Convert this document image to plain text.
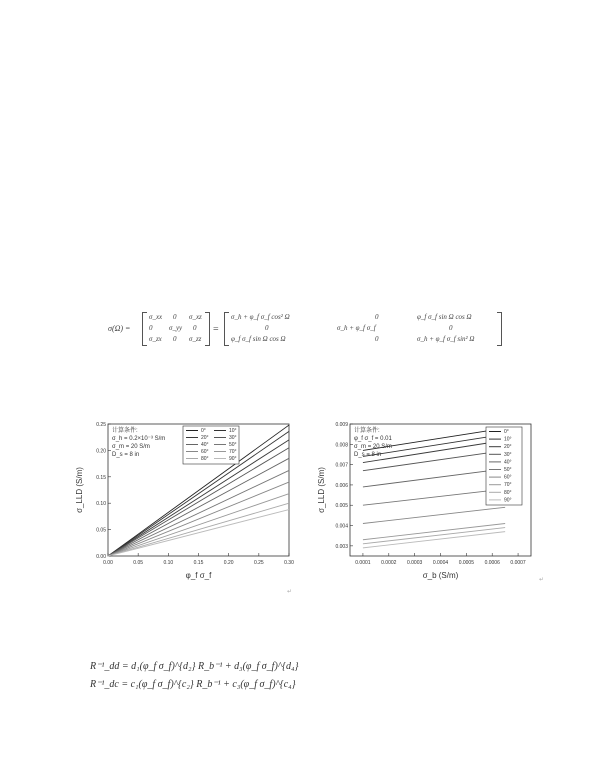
σ(Ω) =
σ_xx 0 σ_xz
0 σ_yy 0
σ_zx 0 σ_zz
=
σ_h + φ_f σ_f cos² Ω	0	φ_f σ_f sin Ω cos Ω
0	σ_h + φ_f σ_f	0
φ_f σ_f sin Ω cos Ω	0	σ_h + φ_f σ_f sin² Ω
0.00	0.05	0.10	0.15	0.20	0.25	0.30
0.00
0.05
0.10
0.15
0.20
0.25
φ_f σ_f
σ_LLD (S/m)
计算条件:
σ_h = 0.2×10⁻³ S/m
σ_m = 20 S/m
D_s = 8 in
0°	10°
20°	30°
40°	50°
60°	70°
80°	90°
0.0001 0.0002 0.0003 0.0004 0.0005 0.0006 0.0007
0.003
0.004
0.005
0.006
0.007
0.008
0.009
σ_b (S/m)
σ_LLD (S/m)
计算条件:
φ_f σ_f = 0.01
σ_m = 20 S/m
D_s = 8 in
0°
10°
20°
30°
40°
50°
60°
70°
80°
90°
↵
↵
R⁻¹_dd = d₁(φ_f σ_f)^{d₂} R_b⁻¹ + d₃(φ_f σ_f)^{d₄}
R⁻¹_dc = c₁(φ_f σ_f)^{c₂} R_b⁻¹ + c₃(φ_f σ_f)^{c₄}
